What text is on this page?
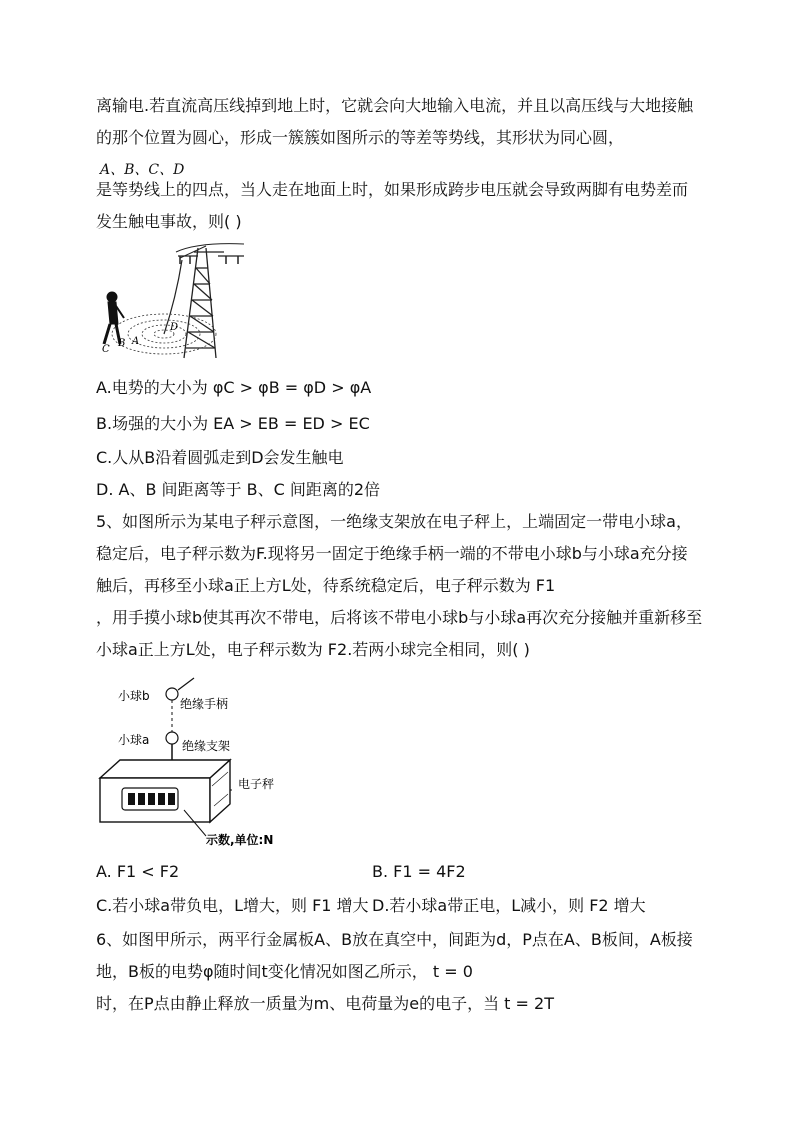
离输电.若直流高压线掉到地上时，它就会向大地输入电流，并且以高压线与大地接触
的那个位置为圆心，形成一簇簇如图所示的等差等势线，其形状为同心圆，
A、B、C、D
是等势线上的四点，当人走在地面上时，如果形成跨步电压就会导致两脚有电势差而
发生触电事故，则( )
D
C
B A
A.电势的大小为 φC > φB = φD > φA
B.场强的大小为 EA > EB = ED > EC
C.人从B沿着圆弧走到D会发生触电
D. A、B 间距离等于 B、C 间距离的2倍
5、如图所示为某电子秤示意图，一绝缘支架放在电子秤上，上端固定一带电小球a，
稳定后，电子秤示数为F.现将另一固定于绝缘手柄一端的不带电小球b与小球a充分接
触后，再移至小球a正上方L处，待系统稳定后，电子秤示数为 F1
，用手摸小球b使其再次不带电，后将该不带电小球b与小球a再次充分接触并重新移至
小球a正上方L处，电子秤示数为 F2.若两小球完全相同，则( )
小球b
绝缘手柄
小球a	绝缘支架
电子秤
示数,单位:N
A. F1 < F2	B. F1 = 4F2
C.若小球a带负电，L增大，则 F1 增大 D.若小球a带正电，L减小，则 F2 增大
6、如图甲所示，两平行金属板A、B放在真空中，间距为d，P点在A、B板间，A板接
地，B板的电势φ随时间t变化情况如图乙所示， t = 0
时，在P点由静止释放一质量为m、电荷量为e的电子，当 t = 2T
